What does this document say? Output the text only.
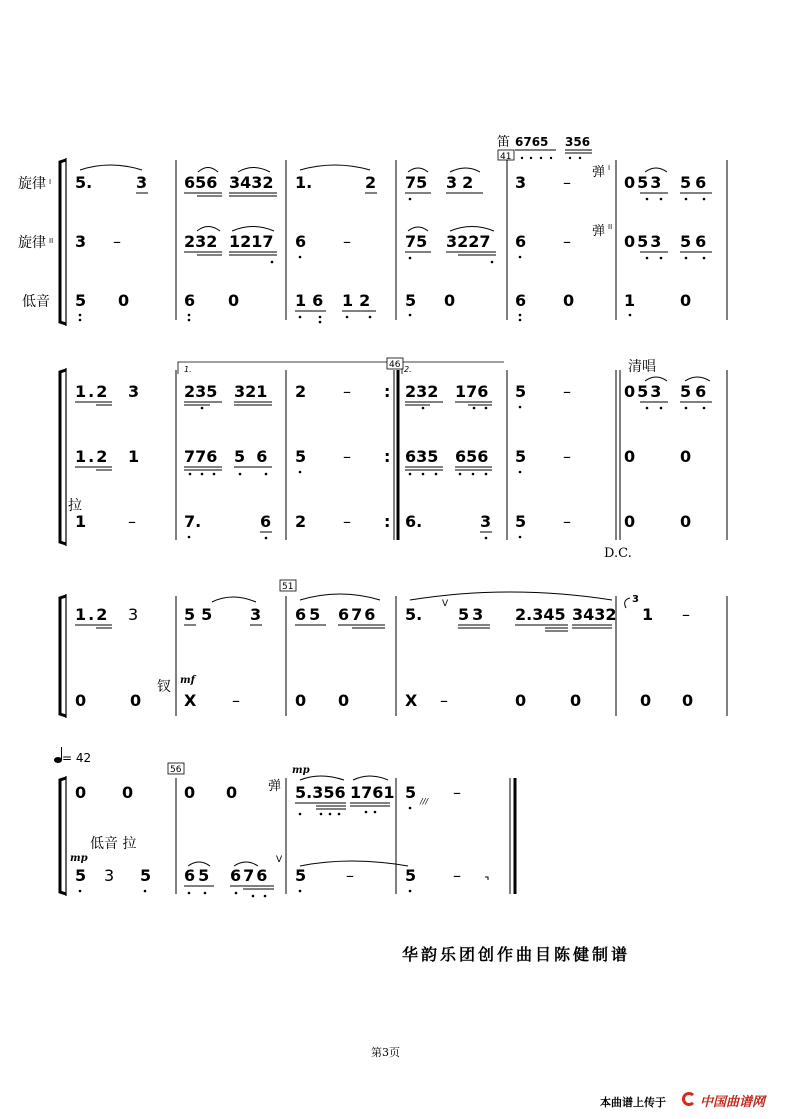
旋律 I
旋律 II
低音
笛 6765 356
41
弹 I
弹 II
5.	3 656 3432 1.	2 75 32 3 –	053 56
3 –	232 1217 6 –	75 3227 6 –	053 56
5 0	6 0	16 12 5 0	6 0	1	0
:
:
:
1.	2.
46	清唱
拉
D.C.
1.2 3	235 321 2 –	232 176 5 –	053 56
1.2 1	776 5  6 5 –	635 656 5 –	0	0
1	–	7.	6 2 –	6.	3 5 –	0	0
51
钗 mf
3
1.2 3	55 3 65 676 5. 53 2.345 3432 1 –
V
0	0	X –	0 0	X –	0	0	0 0
= 42
56
弹
mp
低音 拉
mp
0 0	0 0	5.356 1761 5 –
///
5 3 5 65 676 5 –	5 –
V
华韵乐团创作曲目陈健制谱
第3页
本曲谱上传于	中国曲谱网
